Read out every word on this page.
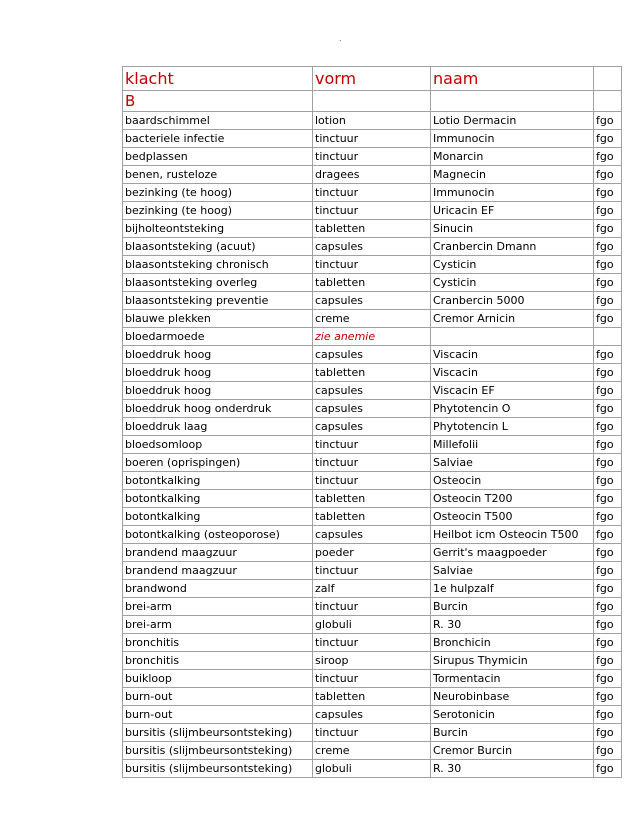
.
klacht	vorm	naam	
B			
baardschimmel	lotion	Lotio Dermacin	fgo
bacteriele infectie	tinctuur	Immunocin	fgo
bedplassen	tinctuur	Monarcin	fgo
benen, rusteloze	dragees	Magnecin	fgo
bezinking (te hoog)	tinctuur	Immunocin	fgo
bezinking (te hoog)	tinctuur	Uricacin EF	fgo
bijholteontsteking	tabletten	Sinucin	fgo
blaasontsteking (acuut)	capsules	Cranbercin Dmann	fgo
blaasontsteking chronisch	tinctuur	Cysticin	fgo
blaasontsteking overleg	tabletten	Cysticin	fgo
blaasontsteking preventie	capsules	Cranbercin 5000	fgo
blauwe plekken	creme	Cremor Arnicin	fgo
bloedarmoede	zie anemie		
bloeddruk hoog	capsules	Viscacin	fgo
bloeddruk hoog	tabletten	Viscacin	fgo
bloeddruk hoog	capsules	Viscacin EF	fgo
bloeddruk hoog onderdruk	capsules	Phytotencin O	fgo
bloeddruk laag	capsules	Phytotencin L	fgo
bloedsomloop	tinctuur	Millefolii	fgo
boeren (oprispingen)	tinctuur	Salviae	fgo
botontkalking	tinctuur	Osteocin	fgo
botontkalking	tabletten	Osteocin T200	fgo
botontkalking	tabletten	Osteocin T500	fgo
botontkalking (osteoporose)	capsules	Heilbot icm Osteocin T500	fgo
brandend maagzuur	poeder	Gerrit's maagpoeder	fgo
brandend maagzuur	tinctuur	Salviae	fgo
brandwond	zalf	1e hulpzalf	fgo
brei-arm	tinctuur	Burcin	fgo
brei-arm	globuli	R. 30	fgo
bronchitis	tinctuur	Bronchicin	fgo
bronchitis	siroop	Sirupus Thymicin	fgo
buikloop	tinctuur	Tormentacin	fgo
burn-out	tabletten	Neurobinbase	fgo
burn-out	capsules	Serotonicin	fgo
bursitis (slijmbeursontsteking)	tinctuur	Burcin	fgo
bursitis (slijmbeursontsteking)	creme	Cremor Burcin	fgo
bursitis (slijmbeursontsteking)	globuli	R. 30	fgo
